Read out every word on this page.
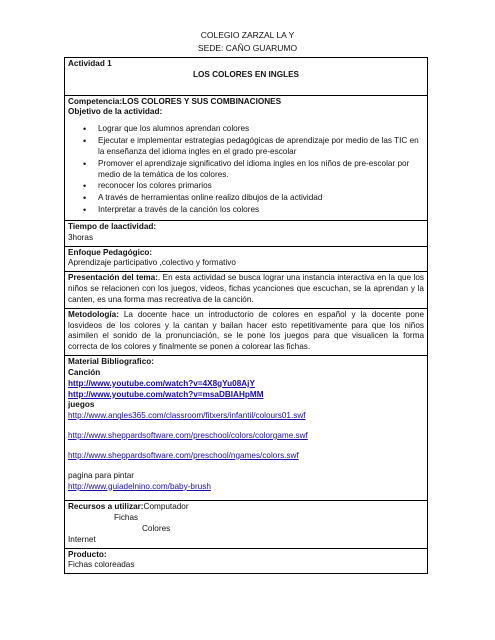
COLEGIO ZARZAL LA Y
SEDE: CAÑO GUARUMO
Actividad 1
LOS COLORES EN INGLES

Competencia:LOS COLORES Y SUS COMBINACIONES
Objetivo de la actividad:
• Lograr que los alumnos aprendan colores
• Ejecutar e implementar estrategias pedagógicas de aprendizaje por medio de las TIC en la enseñanza del idioma ingles en el grado pre-escolar
• Promover el aprendizaje significativo del idioma ingles en los niños de pre-escolar por medio de la temática de los colores.
• reconocer los colores primarios
• A través de herramientas online realizo dibujos de la actividad
• Interpretar a través de la canción los colores

Tiempo de laactividad:
3horas

Enfoque Pedagógico:
Aprendizaje participativo ,colectivo y formativo

Presentación del tema:. En esta actividad se busca lograr una instancia interactiva en la que los niños se relacionen con los juegos, videos, fichas ycanciones que escuchan, se la aprendan y la canten, es una forma mas recreativa de la canción.
Metodología: La docente hace un introductorio de colores en español y la docente pone losvideos de los colores y la cantan y bailan hacer esto repetitivamente para que los niños asimilen el sonido de la pronunciación, se le pone los juegos para que visualicen la forma correcta de los colores y finalmente se ponen a colorear las fichas.

Material Bibliografico:
Canción
http://www.youtube.com/watch?v=4X8gYu08AjY
http://www.youtube.com/watch?v=msaDBIAHpMM
juegos
http://www.angles365.com/classroom/fitxers/infantil/colours01.swf
http://www.sheppardsoftware.com/preschool/colors/colorgame.swf
http://www.sheppardsoftware.com/preschool/ngames/colors.swf
pagina para pintar
http://www.guiadelnino.com/baby-brush

Recursos a utilizar:Computador
Fichas
Colores
Internet

Producto:
Fichas coloreadas
